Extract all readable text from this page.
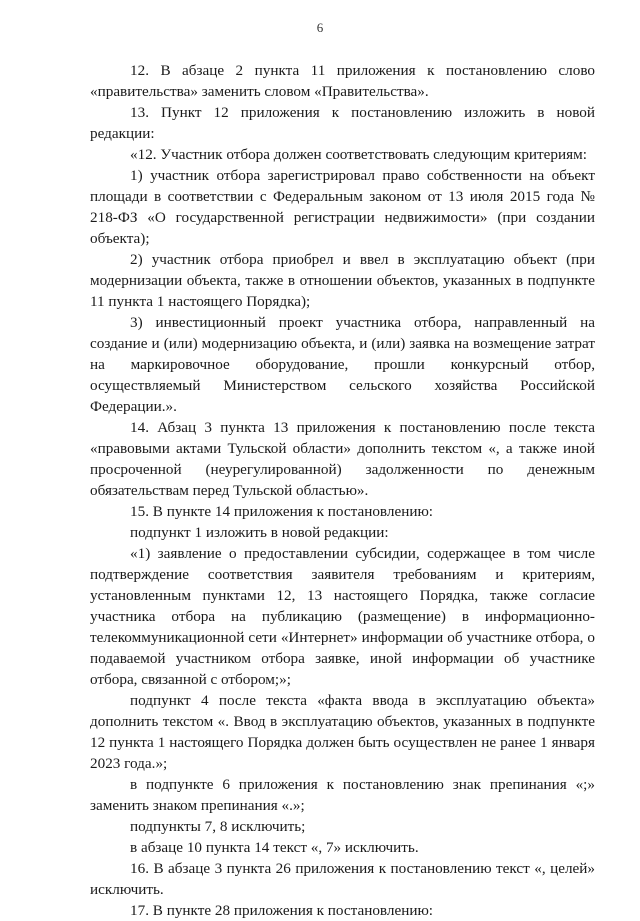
6

12. В абзаце 2 пункта 11 приложения к постановлению слово «правительства» заменить словом «Правительства».

13. Пункт 12 приложения к постановлению изложить в новой редакции:

«12. Участник отбора должен соответствовать следующим критериям:

1) участник отбора зарегистрировал право собственности на объект площади в соответствии с Федеральным законом от 13 июля 2015 года № 218-ФЗ «О государственной регистрации недвижимости» (при создании объекта);

2) участник отбора приобрел и ввел в эксплуатацию объект (при модернизации объекта, также в отношении объектов, указанных в подпункте 11 пункта 1 настоящего Порядка);

3) инвестиционный проект участника отбора, направленный на создание и (или) модернизацию объекта, и (или) заявка на возмещение затрат на маркировочное оборудование, прошли конкурсный отбор, осуществляемый Министерством сельского хозяйства Российской Федерации.».

14. Абзац 3 пункта 13 приложения к постановлению после текста «правовыми актами Тульской области» дополнить текстом «, а также иной просроченной (неурегулированной) задолженности по денежным обязательствам перед Тульской областью».

15. В пункте 14 приложения к постановлению:

подпункт 1 изложить в новой редакции:

«1) заявление о предоставлении субсидии, содержащее в том числе подтверждение соответствия заявителя требованиям и критериям, установленным пунктами 12, 13 настоящего Порядка, также согласие участника отбора на публикацию (размещение) в информационно-телекоммуникационной сети «Интернет» информации об участнике отбора, о подаваемой участником отбора заявке, иной информации об участнике отбора, связанной с отбором;»;

подпункт 4 после текста «факта ввода в эксплуатацию объекта» дополнить текстом «. Ввод в эксплуатацию объектов, указанных в подпункте 12 пункта 1 настоящего Порядка должен быть осуществлен не ранее 1 января 2023 года.»;

в подпункте 6 приложения к постановлению знак препинания «;» заменить знаком препинания «.»;

подпункты 7, 8 исключить;

в абзаце 10 пункта 14 текст «, 7» исключить.

16. В абзаце 3 пункта 26 приложения к постановлению текст «, целей» исключить.

17. В пункте 28 приложения к постановлению:
